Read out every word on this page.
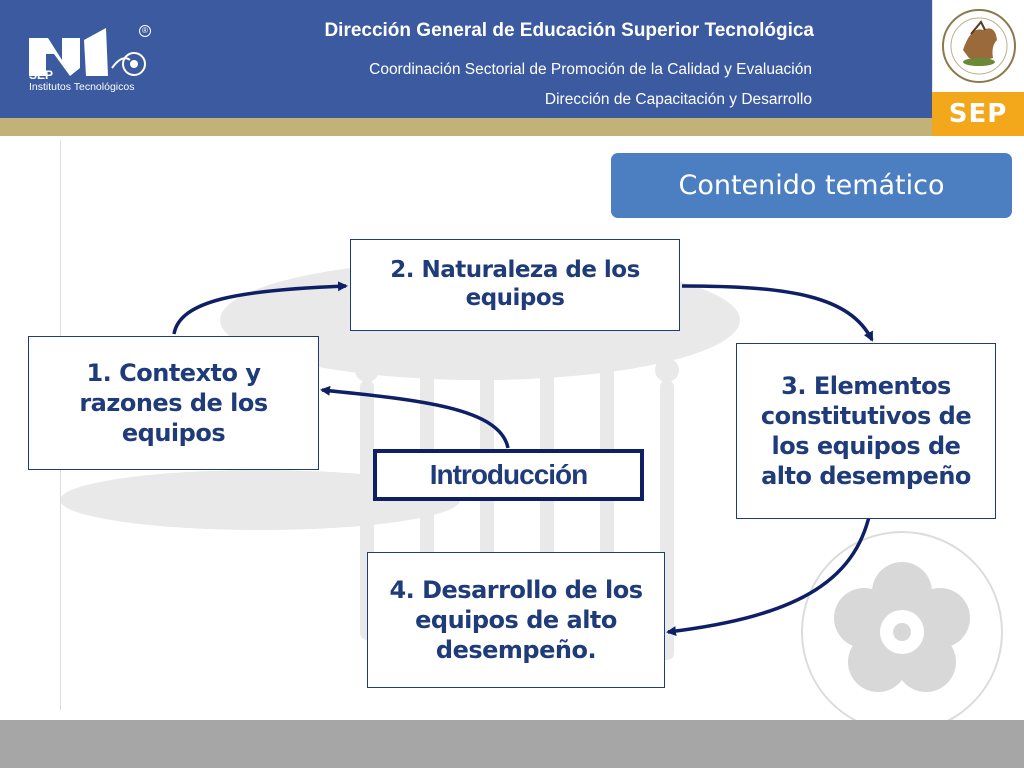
SEP
Institutos Tecnológicos
®	Dirección General de Educación Superior Tecnológica
Coordinación Sectorial de Promoción de la Calidad y Evaluación
Dirección de Capacitación y Desarrollo	SEP
Contenido temático
2. Naturaleza de los equipos
1. Contexto y razones de los equipos
3. Elementos constitutivos de los equipos de alto desempeño
4. Desarrollo de los equipos de alto desempeño.
Introducción
